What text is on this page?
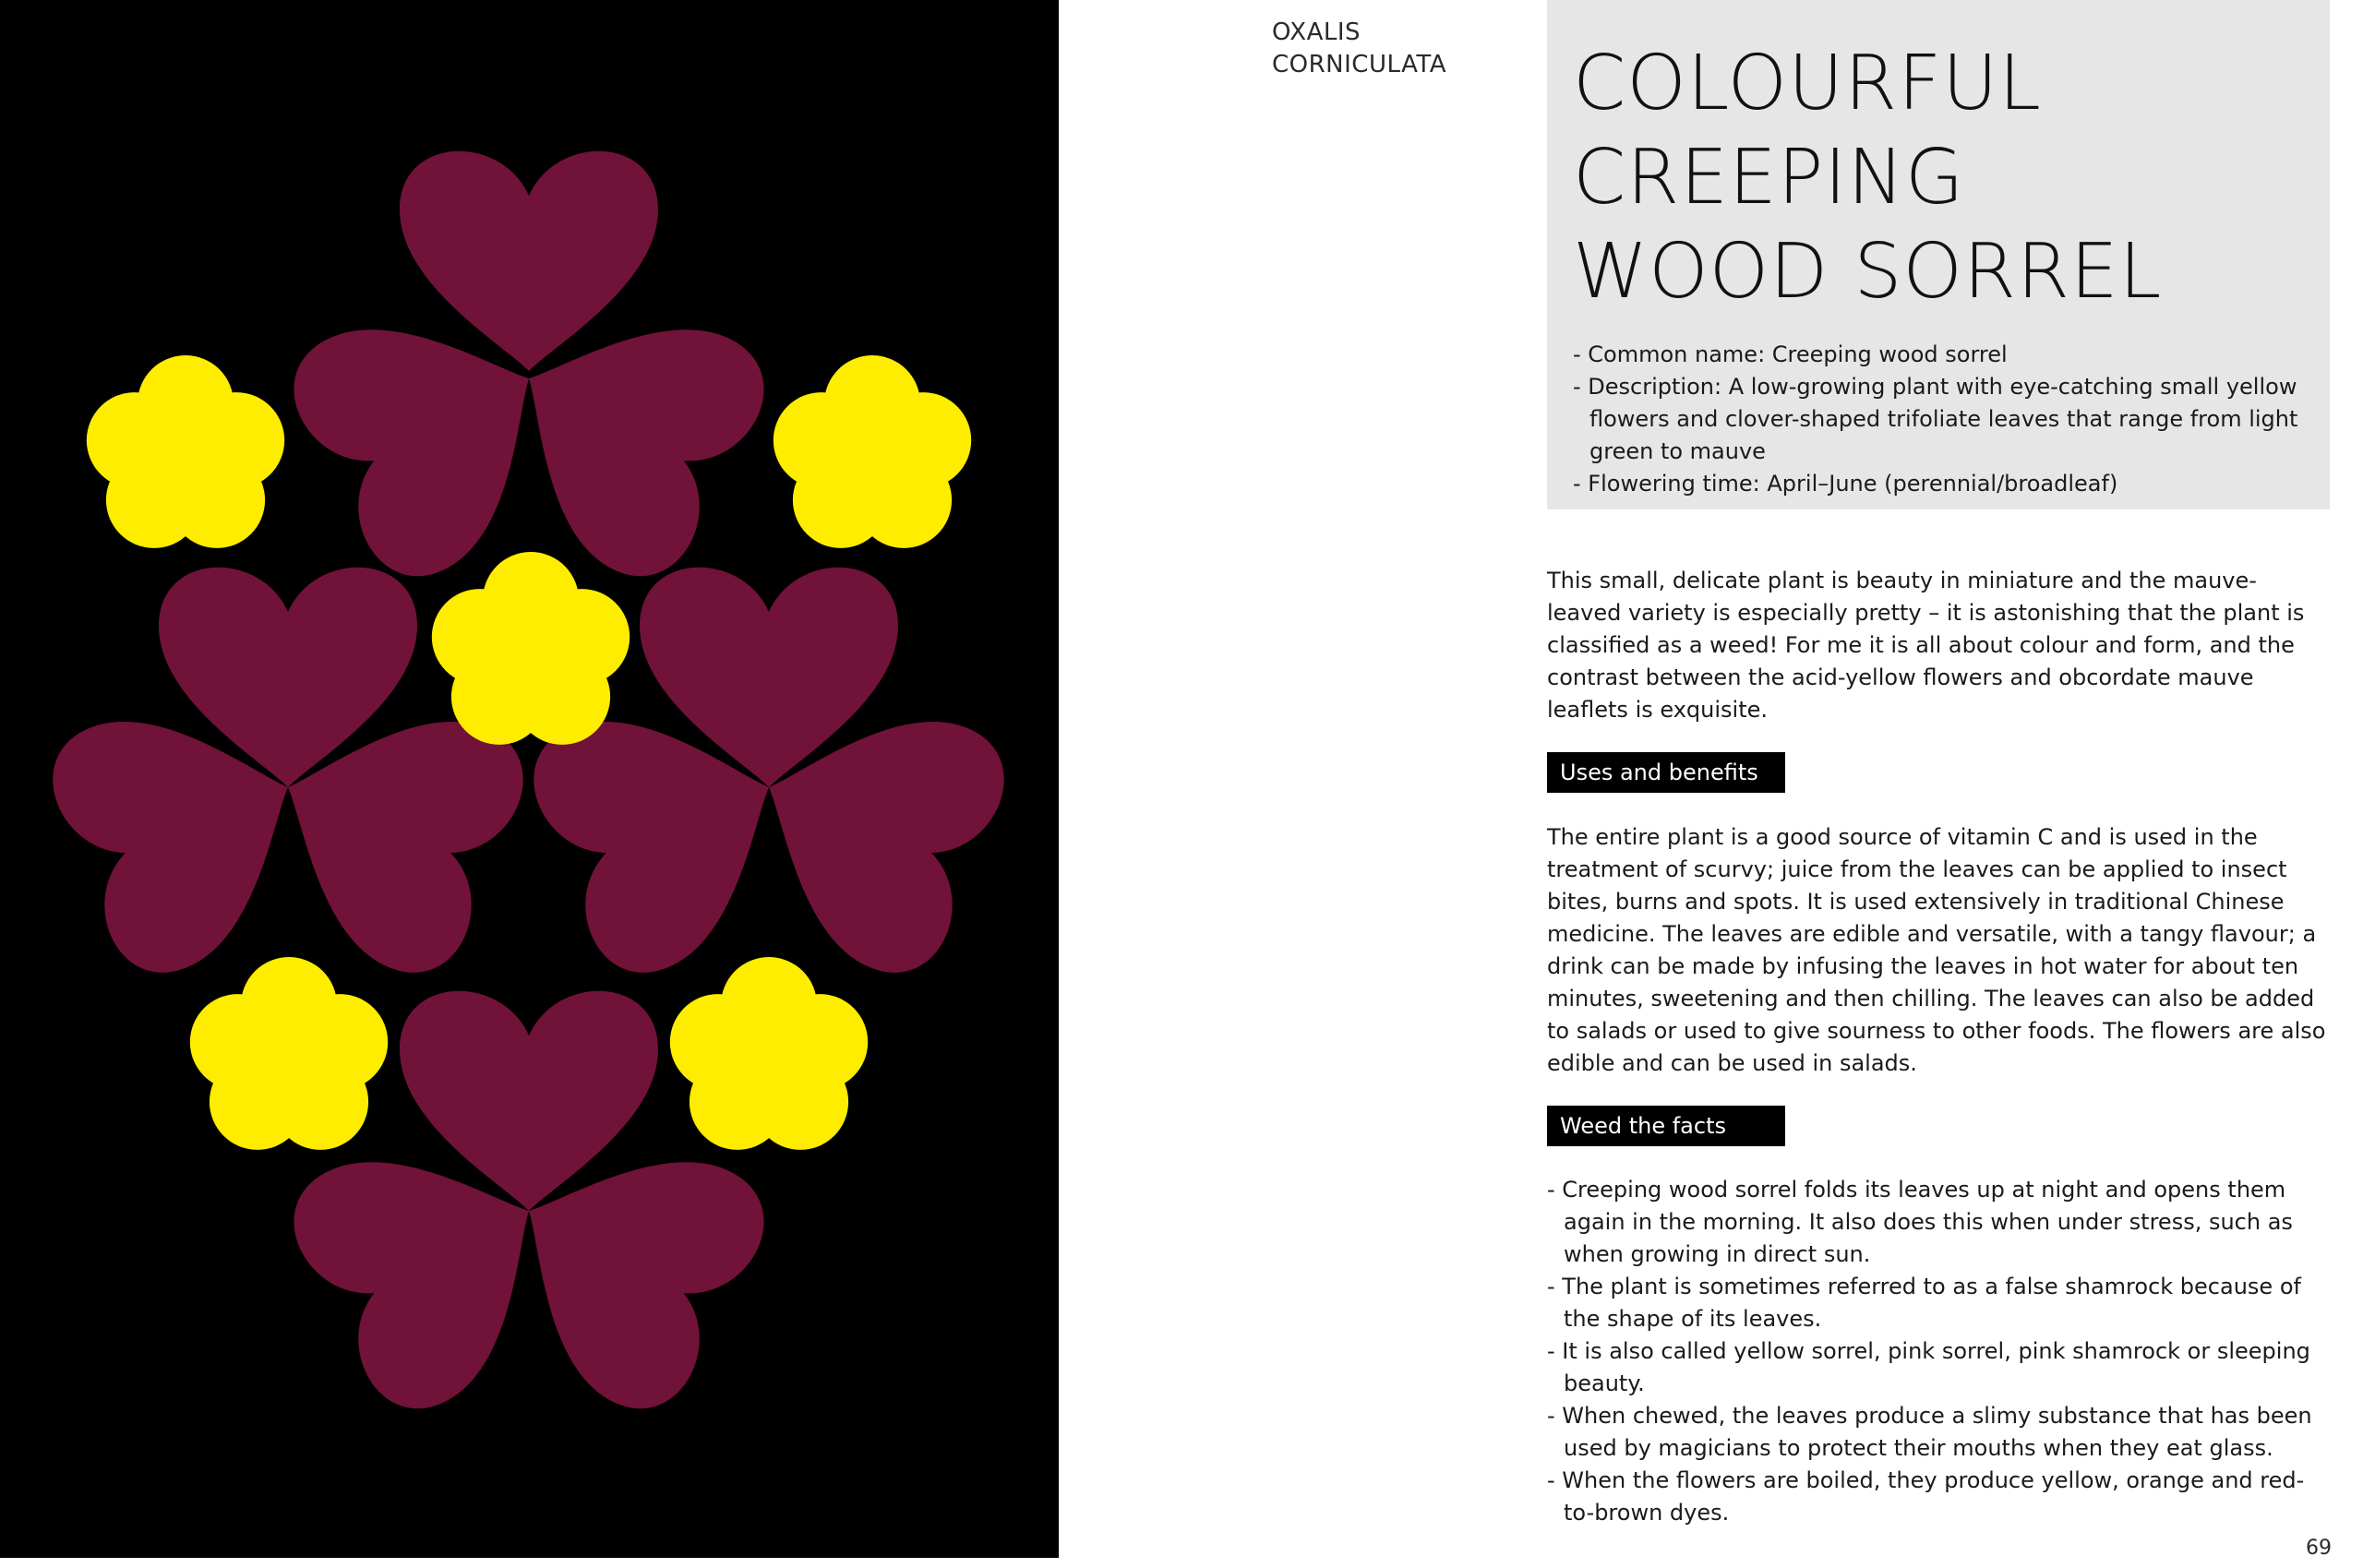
OXALIS
CORNICULATA	COLOURFUL
CREEPING
WOOD SORREL
- Common name: Creeping wood sorrel
- Description: A low-growing plant with eye-catching small yellow flowers and clover-shaped trifoliate leaves that range from light green to mauve
- Flowering time: April–June (perennial/broadleaf)

This small, delicate plant is beauty in miniature and the mauve-leaved variety is especially pretty – it is astonishing that the plant is classified as a weed! For me it is all about colour and form, and the contrast between the acid-yellow flowers and obcordate mauve leaflets is exquisite.

Uses and benefits

The entire plant is a good source of vitamin C and is used in the treatment of scurvy; juice from the leaves can be applied to insect bites, burns and spots. It is used extensively in traditional Chinese medicine. The leaves are edible and versatile, with a tangy flavour; a drink can be made by infusing the leaves in hot water for about ten minutes, sweetening and then chilling. The leaves can also be added to salads or used to give sourness to other foods. The flowers are also edible and can be used in salads.

Weed the facts
- Creeping wood sorrel folds its leaves up at night and opens them again in the morning. It also does this when under stress, such as when growing in direct sun.
- The plant is sometimes referred to as a false shamrock because of the shape of its leaves.
- It is also called yellow sorrel, pink sorrel, pink shamrock or sleeping beauty.
- When chewed, the leaves produce a slimy substance that has been used by magicians to protect their mouths when they eat glass.
- When the flowers are boiled, they produce yellow, orange and red-to-brown dyes.
69
